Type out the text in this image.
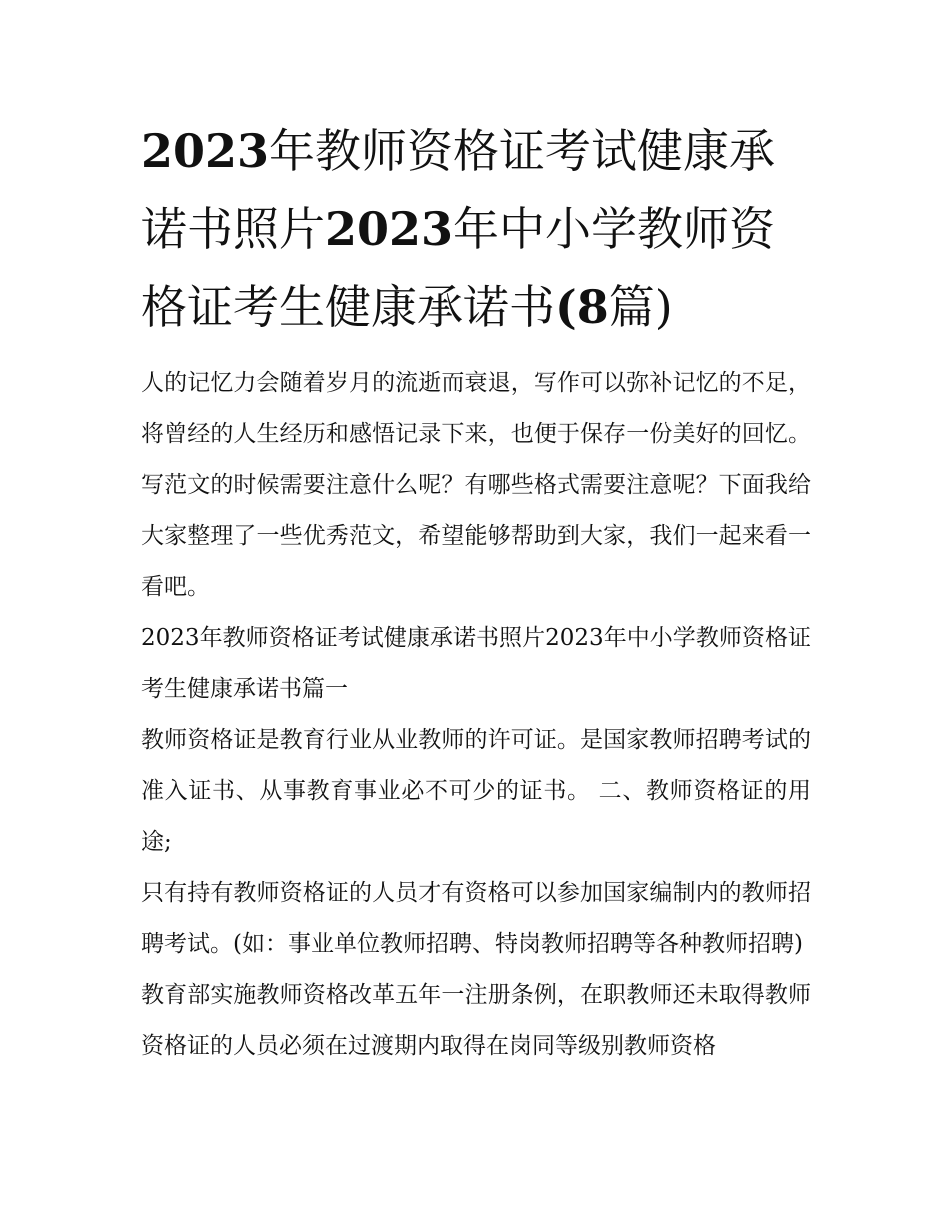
2023年教师资格证考试健康承诺书照片2023年中小学教师资格证考生健康承诺书(8篇)

人的记忆力会随着岁月的流逝而衰退，写作可以弥补记忆的不足，将曾经的人生经历和感悟记录下来，也便于保存一份美好的回忆。写范文的时候需要注意什么呢？有哪些格式需要注意呢？下面我给大家整理了一些优秀范文，希望能够帮助到大家，我们一起来看一看吧。

2023年教师资格证考试健康承诺书照片2023年中小学教师资格证考生健康承诺书篇一

教师资格证是教育行业从业教师的许可证。是国家教师招聘考试的准入证书、从事教育事业必不可少的证书。 二、教师资格证的用途;

只有持有教师资格证的人员才有资格可以参加国家编制内的教师招聘考试。(如：事业单位教师招聘、特岗教师招聘等各种教师招聘)

教育部实施教师资格改革五年一注册条例，在职教师还未取得教师资格证的人员必须在过渡期内取得在岗同等级别教师资格
